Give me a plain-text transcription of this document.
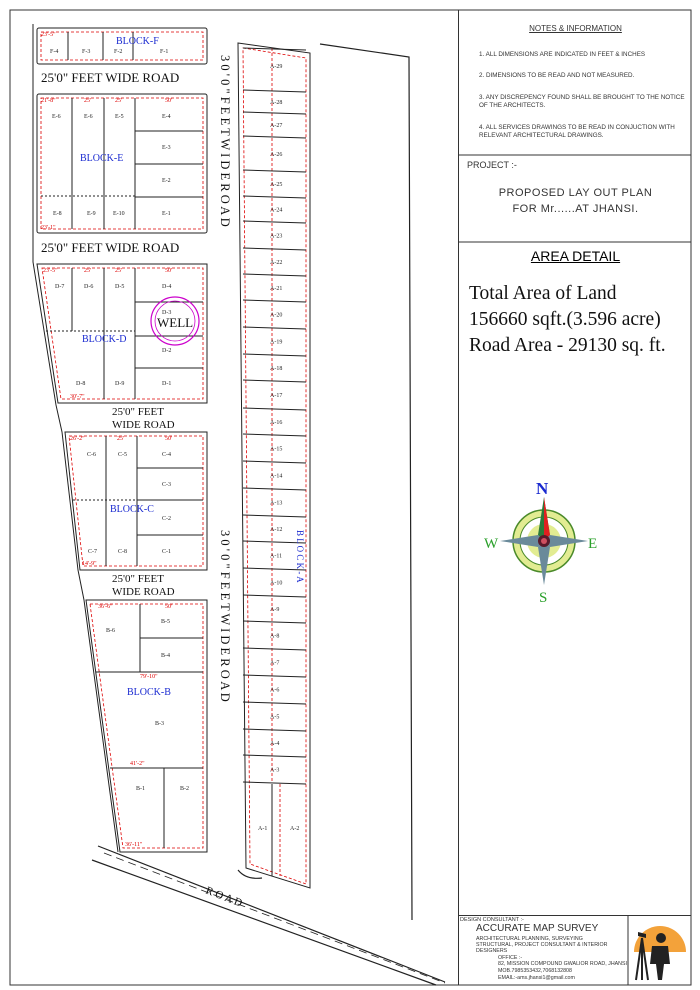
25'0" FEET WIDE ROAD
25'0" FEET WIDE ROAD
25'0" FEET
WIDE ROAD
25'0" FEET
WIDE ROAD
3 0 ' 0 " F E E T W I D E R O A D
3 0 ' 0 " F E E T W I D E R O A D
R O A D
BLOCK-F
BLOCK-E
BLOCK-D
BLOCK-C
BLOCK-B
B L O C K - A
WELL
F-4	F-3	F-2	F-1
E-6	E-6	E-5	E-4
E-3
E-2
E-8	E-9	E-10	E-1
D-7	D-6	D-5	D-4
D-3
D-2
D-8	D-9	D-1
C-6	C-5	C-4
C-3
C-2
C-7	C-8	C-1
B-6
B-5
B-4
B-3
B-1	B-2
A-29
A-28
A-27
A-26
A-25
A-24
A-23
A-22
A-21
A-20
A-19
A-18
A-17
A-16
A-15
A-14
A-13
A-12
A-11
A-10
A-9
A-8
A-7
A-6
A-5
A-4
A-3
A-1	A-2
23'-5"
21'-8"	25'	25'	50'
23'-1"
23'-5"	25'	25'	50'
30'-7"
26'-2"	25'	50'
14'-9"
36'-6"	50'
79'-10"
41'-2"
36'-11"
N
E
S
W
NOTES & INFORMATION
1. ALL DIMENSIONS ARE INDICATED IN FEET & INCHES
2. DIMENSIONS TO BE READ AND NOT MEASURED.
3. ANY DISCREPENCY FOUND SHALL BE BROUGHT TO THE NOTICE OF THE ARCHITECTS.
4. ALL SERVICES DRAWINGS TO BE READ IN CONJUCTION WITH RELEVANT ARCHITECTURAL DRAWINGS.
PROJECT :-
PROPOSED LAY OUT PLAN
FOR Mr......AT JHANSI.
AREA DETAIL
Total Area of Land
156660 sqft.(3.596 acre)
Road Area - 29130 sq. ft.
DESIGN CONSULTANT :-
ACCURATE MAP SURVEY
ARCHITECTURAL PLANNING, SURVEYING
STRUCTURAL, PROJECT CONSULTANT & INTERIOR
DESIGNERS
OFFICE :-
82, MISSION COMPOUND GWALIOR ROAD, JHANSI
MOB.7985353432,7068132808
EMAIL:-ams.jhansi1@gmail.com
